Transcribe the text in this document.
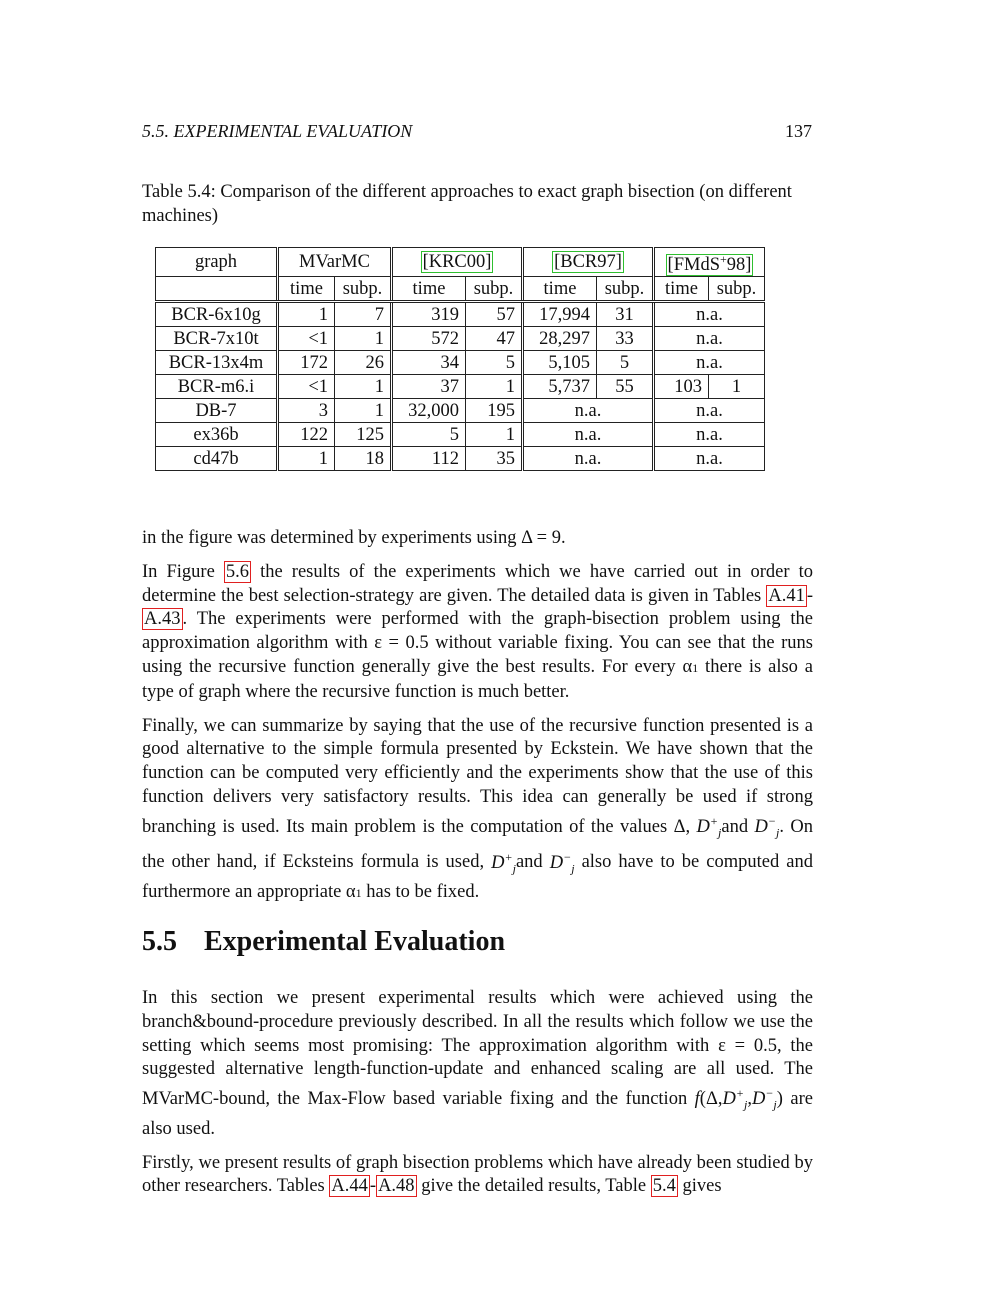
5.5. EXPERIMENTAL EVALUATION	137
Table 5.4: Comparison of the different approaches to exact graph bisection (on different machines)
graph	MVarMC		[KRC00]		[BCR97]		[FMdS+98]	
	time	subp.	time	subp.	time	subp.	time	subp.
BCR-6x10g	1	7	319	57	17,994	31	n.a.	
BCR-7x10t	<1	1	572	47	28,297	33	n.a.	
BCR-13x4m	172	26	34	5	5,105	5	n.a.	
BCR-m6.i	<1	1	37	1	5,737	55	103	1
DB-7	3	1	32,000	195	n.a.		n.a.	
ex36b	122	125	5	1	n.a.		n.a.	
cd47b	1	18	112	35	n.a.		n.a.	

in the figure was determined by experiments using Δ = 9.

In Figure 5.6 the results of the experiments which we have carried out in order to determine the best selection-strategy are given. The detailed data is given in Tables A.41 -A.43 . The experiments were performed with the graph-bisection problem using the approximation algorithm with ε = 0.5 without variable fixing. You can see that the runs using the recursive function generally give the best results. For every α1 there is also a type of graph where the recursive function is much better.

Finally, we can summarize by saying that the use of the recursive function presented is a good alternative to the simple formula presented by Eckstein. We have shown that the function can be computed very efficiently and the experiments show that the use of this function delivers very satisfactory results. This idea can generally be used if strong branching is used. Its main problem is the computation of the values Δ, $D^+_jand$ $D^-_j$. On the other hand, if Ecksteins formula is used, $D^+_jand$ $D^-_j$ also have to be computed and furthermore an appropriate α1 has to be fixed.

5.5 Experimental Evaluation

In this section we present experimental results which were achieved using the branch&bound-procedure previously described. In all the results which follow we use the setting which seems most promising: The approximation algorithm with ε = 0.5, the suggested alternative length-function-update and enhanced scaling are all used. The MVarMC-bound, the Max-Flow based variable fixing and the function $f(\Delta,D^+_j,D^-_j)$ are also used.

Firstly, we present results of graph bisection problems which have already been studied by other researchers. Tables A.44 - A.48 give the detailed results, Table 5.4 gives
